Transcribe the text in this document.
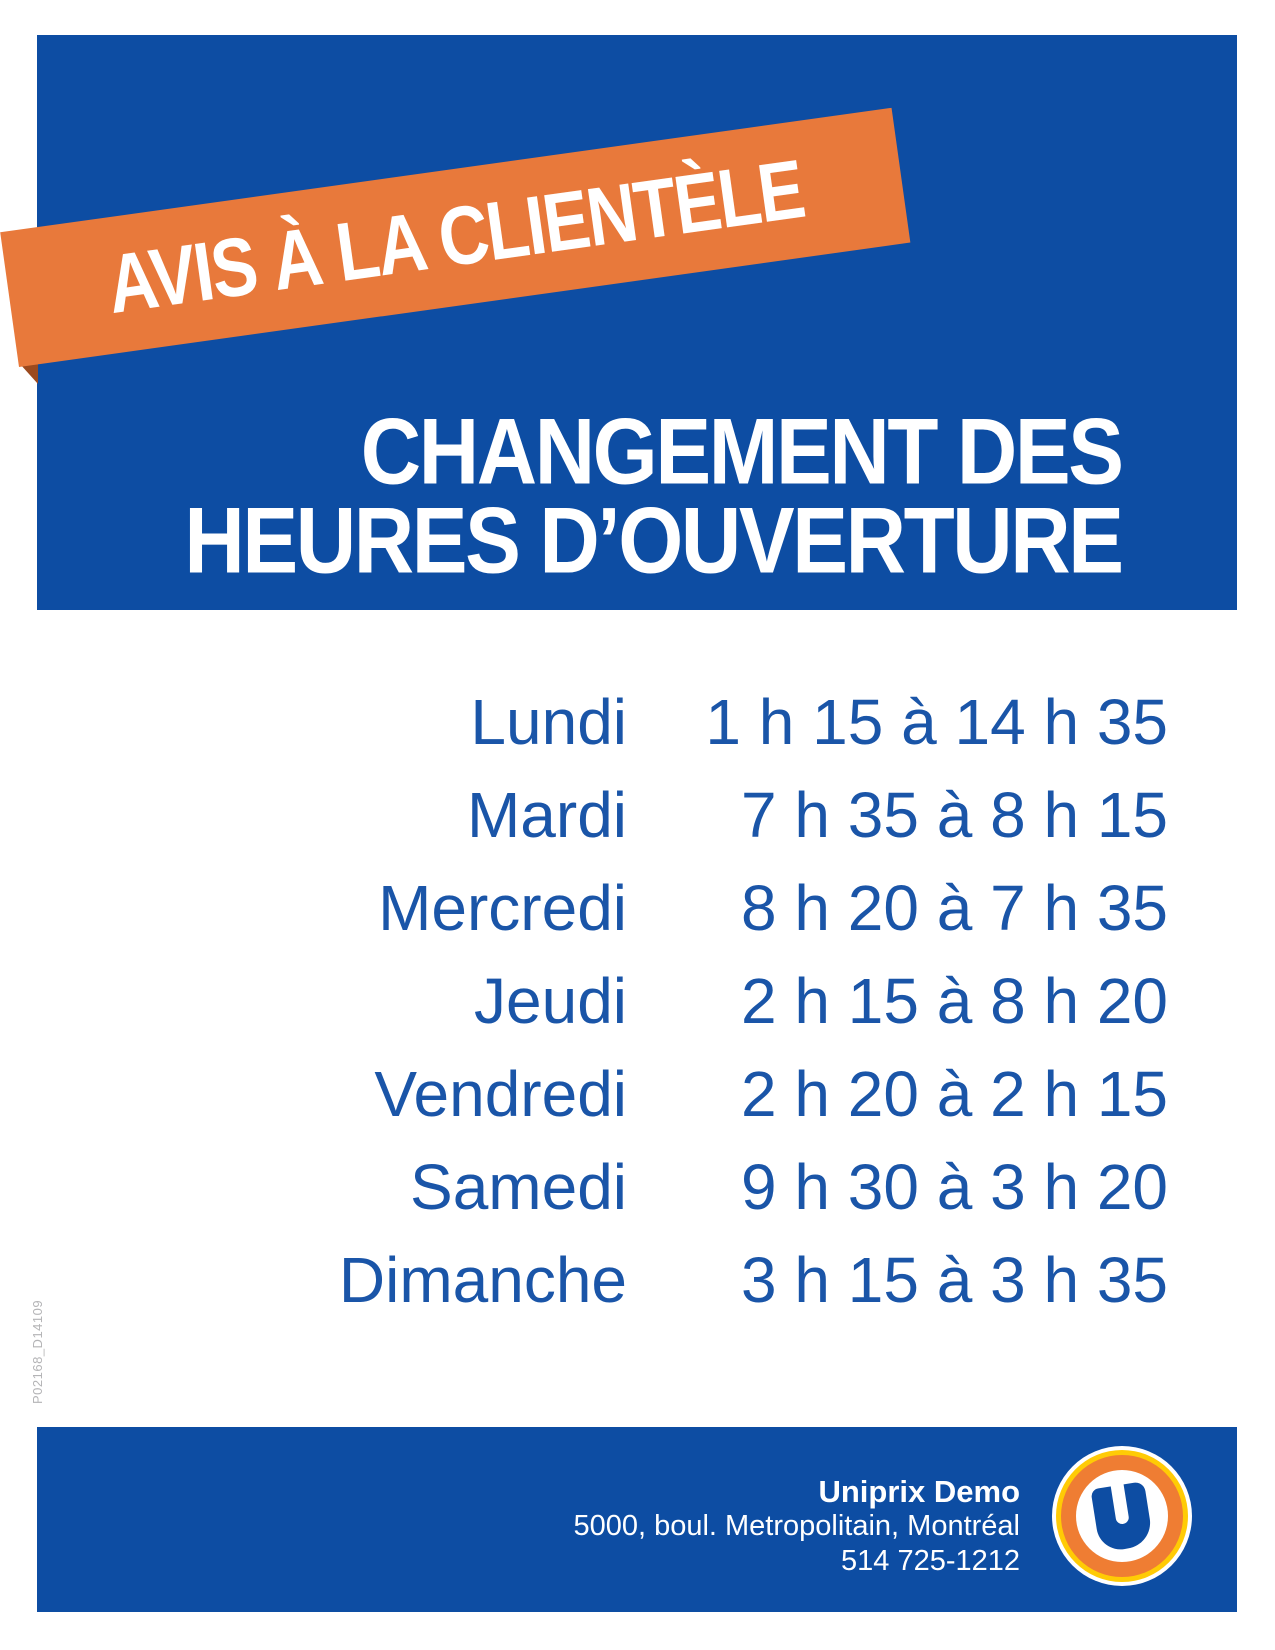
CHANGEMENT DES
HEURES D’OUVERTURE
AVIS À LA CLIENTÈLE
Lundi	1 h 15 à 14 h 35
Mardi	7 h 35 à 8 h 15
Mercredi	8 h 20 à 7 h 35
Jeudi	2 h 15 à 8 h 20
Vendredi	2 h 20 à 2 h 15
Samedi	9 h 30 à 3 h 20
Dimanche	3 h 15 à 3 h 35
P02168_D14109
Uniprix Demo
5000, boul. Metropolitain, Montréal
514 725-1212
